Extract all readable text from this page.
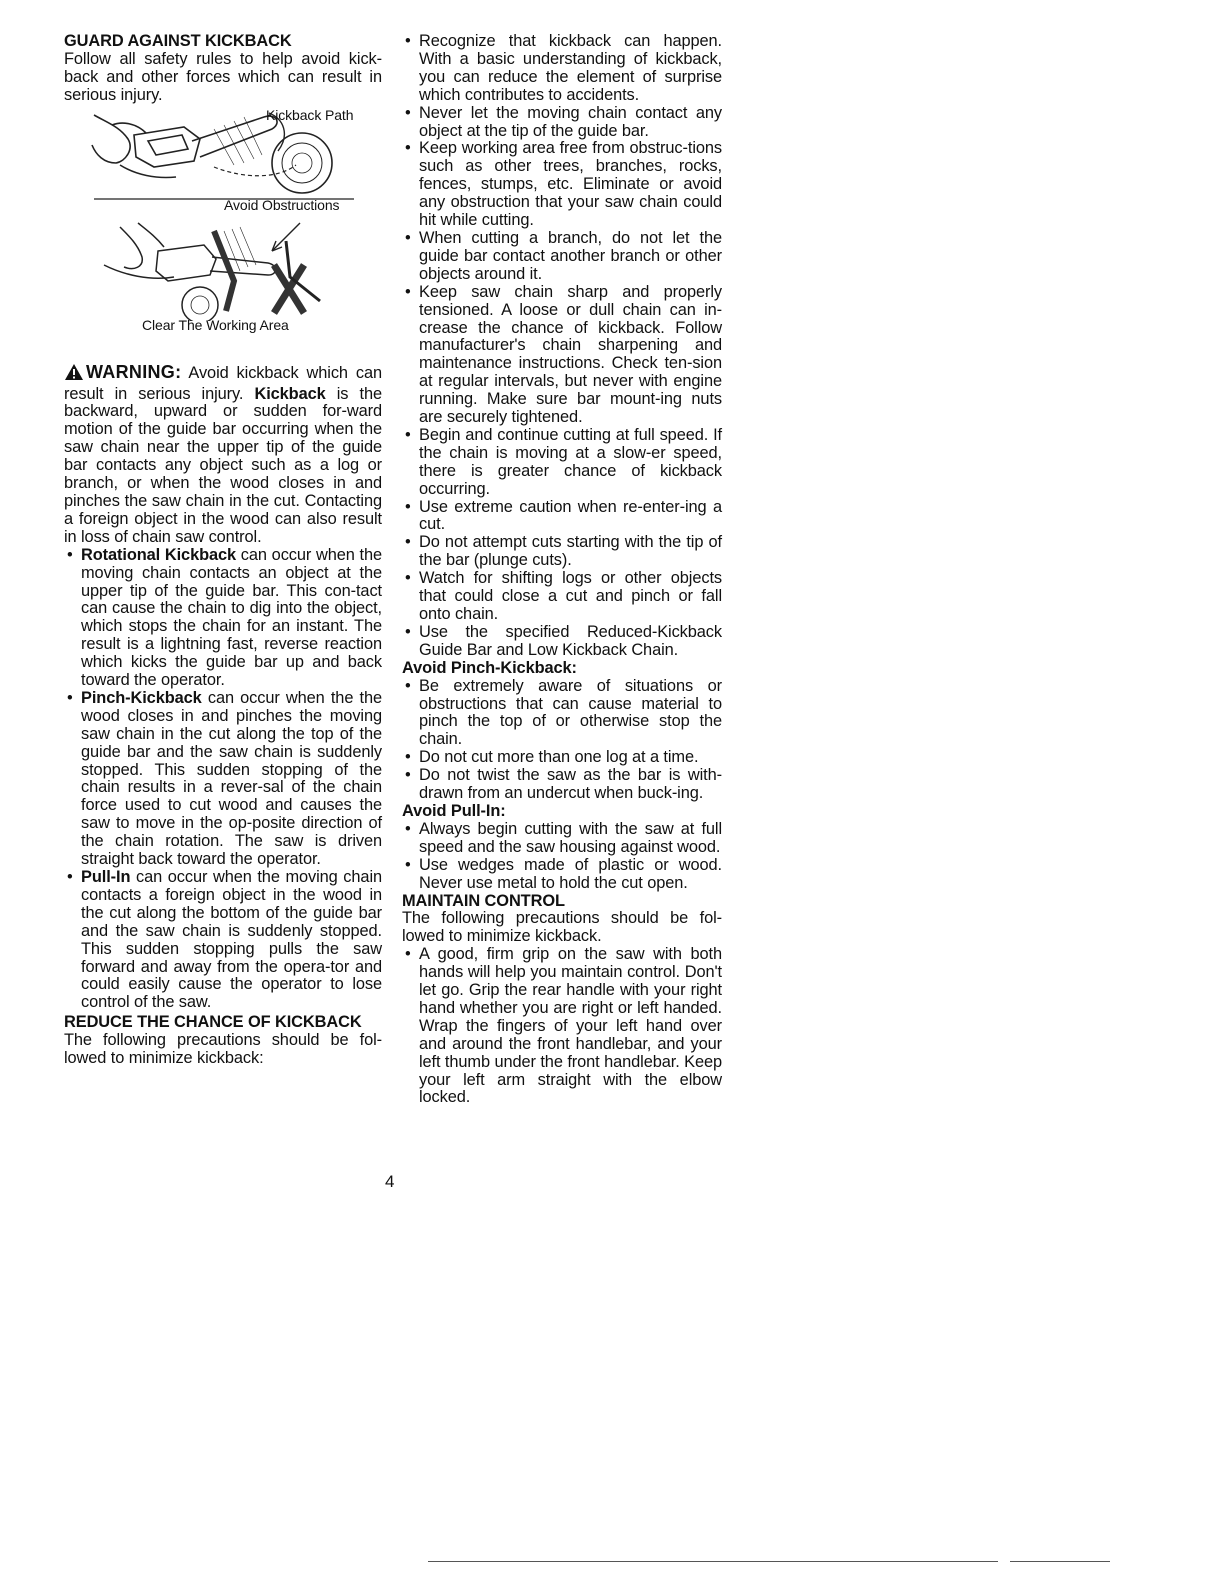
GUARD AGAINST KICKBACK

Follow all safety rules to help avoid kick-back and other forces which can result in serious injury.

Kickback Path
Avoid Obstructions
Clear The Working Area

WARNING: Avoid kickback which can result in serious injury. Kickback is the backward, upward or sudden for-ward motion of the guide bar occurring when the saw chain near the upper tip of the guide bar contacts any object such as a log or branch, or when the wood closes in and pinches the saw chain in the cut. Contacting a foreign object in the wood can also result in loss of chain saw control.

• Rotational Kickback can occur when the moving chain contacts an object at the upper tip of the guide bar. This con-tact can cause the chain to dig into the object, which stops the chain for an instant. The result is a lightning fast, reverse reaction which kicks the guide bar up and back toward the operator.
• Pinch-Kickback can occur when the the wood closes in and pinches the moving saw chain in the cut along the top of the guide bar and the saw chain is suddenly stopped. This sudden stopping of the chain results in a rever-sal of the chain force used to cut wood and causes the saw to move in the op-posite direction of the chain rotation. The saw is driven straight back toward the operator.
• Pull-In can occur when the moving chain contacts a foreign object in the wood in the cut along the bottom of the guide bar and the saw chain is suddenly stopped. This sudden stopping pulls the saw forward and away from the opera-tor and could easily cause the operator to lose control of the saw.
REDUCE THE CHANCE OF KICKBACK

The following precautions should be fol-lowed to minimize kickback:

• Recognize that kickback can happen. With a basic understanding of kickback, you can reduce the element of surprise which contributes to accidents.
• Never let the moving chain contact any object at the tip of the guide bar.
• Keep working area free from obstruc-tions such as other trees, branches, rocks, fences, stumps, etc. Eliminate or avoid any obstruction that your saw chain could hit while cutting.
• When cutting a branch, do not let the guide bar contact another branch or other objects around it.
• Keep saw chain sharp and properly tensioned. A loose or dull chain can in-crease the chance of kickback. Follow manufacturer's chain sharpening and maintenance instructions. Check ten-sion at regular intervals, but never with engine running. Make sure bar mount-ing nuts are securely tightened.
• Begin and continue cutting at full speed. If the chain is moving at a slow-er speed, there is greater chance of kickback occurring.
• Use extreme caution when re-enter-ing a cut.
• Do not attempt cuts starting with the tip of the bar (plunge cuts).
• Watch for shifting logs or other objects that could close a cut and pinch or fall onto chain.
• Use the specified Reduced-Kickback Guide Bar and Low Kickback Chain.
Avoid Pinch-Kickback:
• Be extremely aware of situations or obstructions that can cause material to pinch the top of or otherwise stop the chain.
• Do not cut more than one log at a time.
• Do not twist the saw as the bar is with-drawn from an undercut when buck-ing.
Avoid Pull-In:
• Always begin cutting with the saw at full speed and the saw housing against wood.
• Use wedges made of plastic or wood. Never use metal to hold the cut open.
MAINTAIN CONTROL

The following precautions should be fol-lowed to minimize kickback.

• A good, firm grip on the saw with both hands will help you maintain control. Don't let go. Grip the rear handle with your right hand whether you are right or left handed. Wrap the fingers of your left hand over and around the front handlebar, and your left thumb under the front handlebar. Keep your left arm straight with the elbow locked.
4
